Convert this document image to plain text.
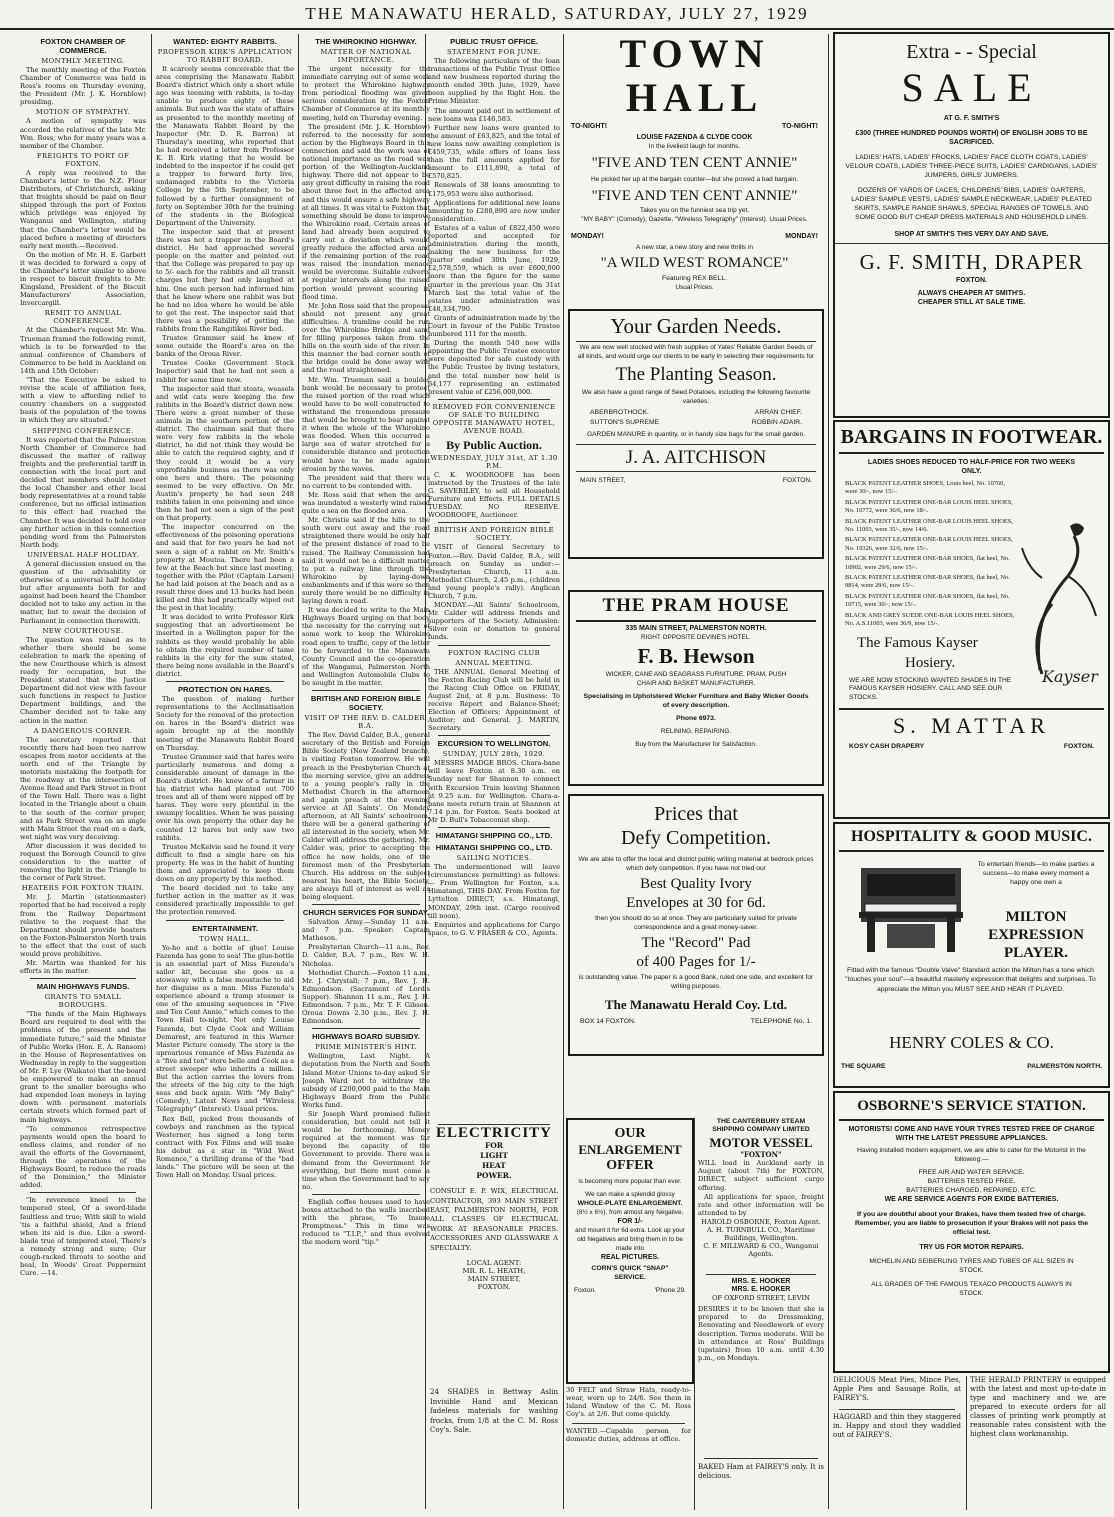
THE MANAWATU HERALD, SATURDAY, JULY 27, 1929
FOXTON CHAMBER OF COMMERCE.
MONTHLY MEETING.

The monthly meeting of the Foxton Chamber of Commerce was held in Ross's rooms on Thursday evening, the President (Mr. J. K. Hornblow) presiding.

MOTION OF SYMPATHY.

A motion of sympathy was accorded the relatives of the late Mr. Wm. Ross, who for many years was a member of the Chamber.

FREIGHTS TO PORT OF FOXTON.

A reply was received to the Chamber's letter to the N.Z. Flour Distributors, of Christchurch, asking that freights should be paid on flour shipped through the port of Foxton which privilege was enjoyed by Wanganui and Wellington, stating that the Chamber's letter would be placed before a meeting of directors early next month.—Received.

On the motion of Mr. H. E. Garbett it was decided to forward a copy of the Chamber's letter similar to above in respect to biscuit freights to Mr. Kingsland, President of the Biscuit Manufacturers' Association, Invercargill.

REMIT TO ANNUAL CONFERENCE.

At the Chamber's request Mr. Wm. Trueman framed the following remit, which is to be forwarded to the annual conference of Chambers of Commerce to be held in Auckland on 14th and 15th October:

"That the Executive be asked to revise the scale of affiliation fees, with a view to affording relief to country chambers on a suggested basis of the population of the towns in which they are situated."

SHIPPING CONFERENCE.

It was reported that the Palmerston North Chamber of Commerce had discussed the matter of railway freights and the preferential tariff in connection with the local port and decided that members should meet the local Chamber and other local body representatives at a round table conference, but no official intimation to this effect had reached the Chamber. It was decided to hold over any further action in this connection pending word from the Palmerston North body.

UNIVERSAL HALF HOLIDAY.

A general discussion ensued on the question of the advisability or otherwise of a universal half holiday but after arguments both for and against had been heard the Chamber decided not to take any action in the matter, but to await the decision of Parliament in connection therewith.

NEW COURTHOUSE.

The question was raised as to whether there should be some celebration to mark the opening of the new Courthouse which is almost ready for occupation, but the President stated that the Justice Department did not view with favour such functions in respect to Justice Department buildings, and the Chamber decided not to take any action in the matter.

A DANGEROUS CORNER.

The secretary reported that recently there had been two narrow escapes from motor accidents at the north end of the Triangle by motorists mistaking the footpath for the roadway at the intersection of Avenue Road and Park Street in front of the Town Hall. There was a light located in the Triangle about a chain to the south of the corner proper, and as Park Street was on an angle with Main Street the road on a dark, wet night was very deceiving.

After discussion it was decided to request the Borough Council to give consideration to the matter of removing the light in the Triangle to the corner of Park Street.

HEATERS FOR FOXTON TRAIN.

Mr. J. Martin (stationmaster) reported that he had received a reply from the Railway Department relative to the request that the Department should provide heaters on the Foxton-Palmerston North train to the effect that the cost of such would prove prohibitive.

Mr. Martin was thanked for his efforts in the matter.

MAIN HIGHWAYS FUNDS.
GRANTS TO SMALL BOROUGHS.

"The funds of the Main Highways Board are required to deal with the problems of the present and the immediate future," said the Minister of Public Works (Hon. E. A. Ransom) in the House of Representatives on Wednesday in reply to the suggestion of Mr. F. Lye (Waikato) that the board be empowered to make an annual grant to the smaller boroughs who had expended loan moneys in laying down with permanent materials certain streets which formed part of main highways.

"To commence retrospective payments would open the board to endless claims, and render of no avail the efforts of the Government, through the operations of the Highways Board, to reduce the roads of the Dominion," the Minister added.

"In reverence kneel to the tempered steel, Of a sword-blade faultless and true; With skill to wield 'tis a faithful shield, And a friend when its aid is due. Like a sword-blade true of tempered steel, There's a remedy strong and sure; Our cough-racked throats to soothe and heal, In Woods' Great Peppermint Cure. —14.

WANTED: EIGHTY RABBITS.
PROFESSOR KIRK'S APPLICATION TO RABBIT BOARD.

It scarcely seems conceivable that the area comprising the Manawatu Rabbit Board's district which only a short while ago was teeming with rabbits, is to-day unable to produce eighty of these animals. But such was the state of affairs as presented to the monthly meeting of the Manawatu Rabbit Board by the Inspector (Mr. D. R. Barron) at Thursday's meeting, who reported that he had received a letter from Professor K. B. Kirk stating that he would be indebted to the inspector if he could get a trapper to forward forty live, undamaged rabbits to the Victoria College by the 5th September, to be followed by a further consignment of forty on September 30th for the training of the students in the Biological Department of the University.

The inspector said that at present there was not a trapper in the Board's district. He had approached several people on the matter and pointed out that the College was prepared to pay up to 5/- each for the rabbits and all transit charges but they had only laughed at him. One such person had informed him that he knew where one rabbit was but he had no idea where he would be able to get the rest. The inspector said that there was a possibility of getting the rabbits from the Rangitikei River bed.

Trustee Grammer said he knew of some outside the Board's area on the banks of the Oroua River.

Trustee Cooke (Government Stock Inspector) said that he had not seen a rabbit for some time now.

The inspector said that stoats, weasels and wild cats were keeping the few rabbits in the Board's district down now. There were a great number of these animals in the southern portion of the district. The chairman said that there were very few rabbits in the whole district, he did not think they would be able to catch the required eighty, and if they could it would be a very unprofitable business as there was only one here and there. The poisoning seemed to be very effective. On Mr. Austin's property he had seen 248 rabbits taken in one poisoning and since then he had not seen a sign of the pest on that property.

The inspector concurred on the effectiveness of the poisoning operations and said that for two years he had not seen a sign of a rabbit on Mr. Smith's property at Moutoa. There had been a few at the Beach but since last meeting, together with the Pilot (Captain Larsen) he had laid poison at the beach and as a result three does and 13 bucks had been killed and this had practically wiped out the pest in that locality.

It was decided to write Professor Kirk suggesting that an advertisement be inserted in a Wellington paper for the rabbits as they would probably be able to obtain the required number of tame rabbits in the city for the sum stated, there being none available in the Board's district.

PROTECTION ON HARES.

The question of making further representations to the Acclimatisation Society for the removal of the protection on hares in the Board's district was again brought up at the monthly meeting of the Manawatu Rabbit Board on Thursday.

Trustee Grammer said that hares were particularly numerous and doing a considerable amount of damage in the Board's district. He knew of a farmer in his district who had planted out 700 trees and all of them were nipped off by hares. They were very plentiful in the swampy localities. When he was passing over his own property the other day he counted 12 hares but only saw two rabbits.

Trustee McKelvie said he found it very difficult to find a single hare on his property. He was in the habit of hunting them and appreciated to keep them down on any property by this method.

The board decided not to take any further action in the matter as it was considered practically impossible to get the protection removed.

ENTERTAINMENT.
TOWN HALL.

Yo-ho and a bottle of glue! Louise Fazenda has gone to sea! The glue-bottle is an essential part of Miss Fazenda's sailor kit, because she goes as a stowaway with a false moustache to aid her disguise as a man. Miss Fazenda's experience aboard a tramp steamer is one of the amusing sequences in "Five and Ten Cent Annie," which comes to the Town Hall to-night. Not only Louise Fazenda, but Clyde Cook and William Demarest, are featured in this Warner Master Picture comedy. The story is the uproarious romance of Miss Fazenda as a "five and ten" store belle and Cook as a street sweeper who inherits a million. But the action carries the lovers from the streets of the big city to the high seas and back again. With "My Baby" (Comedy), Latest News and "Wireless Telegraphy" (Interest). Usual prices.

Rex Bell, picked from thousands of cowboys and ranchmen as the typical Westerner, has signed a long term contract with Fox Films and will make his debut as a star in "Wild West Romance," a thrilling drama of the "bad lands." The picture will be seen at the Town Hall on Monday. Usual prices.

THE WHIROKINO HIGHWAY.
MATTER OF NATIONAL IMPORTANCE.

The urgent necessity for the immediate carrying out of some work to protect the Whirokino highway from periodical flooding was given serious consideration by the Foxton Chamber of Commerce at its monthly meeting, held on Thursday evening.

The president (Mr. J. K. Hornblow) referred to the necessity for some action by the Highways Board in this connection and said the work was of national importance as the road was portion of the Wellington-Auckland highway. There did not appear to be any great difficulty in raising the road about three feet in the affected area and this would ensure a safe highway at all times. It was vital to Foxton that something should be done to improve the Whirokino road. Certain areas of land had already been acquired to carry out a deviation which would greatly reduce the affected area and if the remaining portion of the road was raised the inundation menace would be overcome. Suitable culverts at regular intervals along the raised portion would prevent scouring in flood time.

Mr. John Ross said that the proposal should not present any great difficulties. A tramline could be run over the Whirokino Bridge and sand for filling purposes taken from the hills on the south side of the river. In this manner the bad corner south of the bridge could be done away with and the road straightened.

Mr. Wm. Trueman said a boulder bank would be necessary to protect the raised portion of the road which would have to be well constructed to withstand the tremendous pressure that would be brought to bear against it when the whole of the Whirokino was flooded. When this occurred a large sea of water stretched for a considerable distance and protection would have to be made against erosion by the waves.

The president said that there was no current to be contended with.

Mr. Ross said that when the area was inundated a westerly wind raised quite a sea on the flooded area.

Mr. Christie said if the hills to the south were cut away and the road straightened there would be only half of the present distance of road to be raised. The Railway Commission had said it would not be a difficult matter to put a railway line through the Whirokino by laying-down embankments and if this were so then surely there would be no difficulty in laying down a road.

It was decided to write to the Main Highways Board urging on that body the necessity for the carrying out of some work to keep the Whirokino road open to traffic, copy of the letter to be forwarded to the Manawatu County Council and the co-operation of the Wanganui, Palmerston North and Wellington Automobile Clubs to be sought in the matter.

BRITISH AND FOREIGN BIBLE SOCIETY.
VISIT OF THE REV. D. CALDER, B.A.

The Rev. David Calder, B.A., general secretary of the British and Foreign Bible Society (New Zealand branch), is visiting Foxton tomorrow. He will preach in the Presbyterian Church at the morning service, give an address to a young people's rally in the Methodist Church in the afternoon and again preach at the evening service at All Saints'. On Monday afternoon, at All Saints' schoolroom, there will be a general gathering of all interested in the society, when Mr. Calder will address the gathering. Mr. Calder was, prior to accepting the office he now holds, one of the foremost men of the Presbyterian Church. His address on the subject nearest his heart, the Bible Society, are always full of interest as well as being eloquent.

CHURCH SERVICES FOR SUNDAY.

Salvation Army.—Sunday 11 a.m. and 7 p.m. Speaker: Captain Matheson.

Presbyterian Church—11 a.m., Rev. D. Calder, B.A. 7 p.m., Rev. W. H. Nicholas.

Methodist Church.—Foxton 11 a.m., Mr. J. Chrystall; 7 p.m., Rev. J. H. Edmondson. (Sacrament of Lord's Supper). Shannon 11 a.m., Rev. J. H. Edmondson. 7 p.m., Mr. T. F. Gibson. Oroua Downs 2.30 p.m., Rev. J. H. Edmondson.

HIGHWAYS BOARD SUBSIDY.
PRIME MINISTER'S HINT.

Wellington, Last Night. A deputation from the North and South Island Motor Unions to-day asked Sir Joseph Ward not to withdraw the subsidy of £200,000 paid to the Main Highways Board from the Public Works fund.

Sir Joseph Ward promised fullest consideration, but could not tell it would be forthcoming. Money required at the moment was far beyond the capacity of the Government to provide. There was a demand from the Government for everything, but there must come a time when the Government had to say no.

English coffee houses used to have boxes attached to the walls inscribed with the phrase, "To Insure Promptness." This in time was reduced to "T.I.P.," and thus evolved the modern word "tip."

PUBLIC TRUST OFFICE.
STATEMENT FOR JUNE.

The following particulars of the loan transactions of the Public Trust Office and new business reported during the month ended 30th June, 1929, have been supplied by the Right Hon. the Prime Minister.

The amount paid out in settlement of new loans was £146,583.

Further new loans were granted to the amount of £63,825, and the total of new loans now awaiting completion is £459,735, while offers of loans less than the full amounts applied for amount to £111,890, a total of £570,825.

Renewals of 38 loans amounting to £175,953 were also authorised.

Applications for additional new loans amounting to £288,890 are now under consideration.

Estates of a value of £822,450 were reported and accepted for administration during the month, making the new business for the quarter ended 30th June, 1929, £2,578,559, which is over £600,000 more than the figure for the same quarter in the previous year. On 31st March last the total value of the estates under administration was £48,334,790.

Grants of administration made by the Court in favour of the Public Trustee numbered 111 for the month.

During the month 540 new wills appointing the Public Trustee executor were deposited for safe custody with the Public Trustee by living testators, and the total number now held is 64,177 representing an estimated present value of £256,000,000.

REMOVED FOR CONVENIENCE OF SALE TO BUILDING OPPOSITE MANAWATU HOTEL, AVENUE ROAD.
By Public Auction.
WEDNESDAY, JULY 31st, AT 1.30 P.M.

C. K. WOODROOFE has been instructed by the Trustees of the late G. SAVERILEY, to sell all Household Furniture and Effects. FULL DETAILS TUESDAY. NO RESERVE. WOODROOFE, Auctioneer.

BRITISH AND FOREIGN BIBLE SOCIETY.

VISIT of General Secretary to Foxton.—Rev. David Calder, B.A., will preach on Sunday as under:— Presbyterian Church, 11 a.m. Methodist Church, 2.45 p.m., (children and young people's rally). Anglican Church, 7 p.m.

MONDAY.—All Saints' Schoolroom, Mr. Calder will address friends and supporters of the Society. Admission: Silver coin or donation to general funds.

FOXTON RACING CLUB
ANNUAL MEETING.

THE ANNUAL General Meeting of the Foxton Racing Club will be held in the Racing Club Office on FRIDAY, August 2nd, at 8 p.m. Business: To receive Report and Balance-Sheet; Election of Officers; Appointment of Auditor; and General. J. MARTIN, Secretary.

EXCURSION TO WELLINGTON.
SUNDAY, JULY 28th, 1929.

MESSRS MADGE BROS. Chara-bane will leave Foxton at 8.30 a.m. on Sunday next for Shannon to connect with Excursion Train leaving Shannon at 9.25 a.m. for Wellington. Chara-a-bane meets return train at Shannon at 7.14 p.m. for Foxton. Seats booked at Mr D. Bull's Tobacconist shop.

HIMATANGI SHIPPING CO., LTD.
HIMATANGI SHIPPING CO., LTD.
SAILING NOTICES.

The undermentioned will leave (circumstances permitting) as follows:— From Wellington for Foxton, s.s. Himatangi, THIS DAY. From Foxton for Lyttelton DIRECT, s.s. Himatangi, MONDAY, 29th inst. (Cargo received till noon).

Enquiries and applications for Cargo space, to G. V. FRASER & CO., Agents.

ELECTRICITY
FOR
LIGHT
HEAT
POWER.

CONSULT E. P. WIX, ELECTRICAL CONTRACTOR, 393 MAIN STREET EAST, PALMERSTON NORTH, FOR ALL CLASSES OF ELECTRICAL WORK AT REASONABLE PRICES. ACCESSORIES AND GLASSWARE A SPECIALTY.

LOCAL AGENT:
MR. R. L. HEATH,
MAIN STREET,
FOXTON.

24 SHADES in Bettway Aslin Invisible Hand and Mexican fadeless materials for washing frocks, from 1/8 at the C. M. Ross Coy's. Sale.

TOWN HALL
TO-NIGHT!	TO-NIGHT!
LOUISE FAZENDA & CLYDE COOK
In the liveliest laugh for months.
"FIVE AND TEN CENT ANNIE"
He picked her up at the bargain counter—but she proved a bad bargain.
"FIVE AND TEN CENT ANNIE"
Takes you on the funniest sea trip yet.
"MY BABY" (Comedy), Gazette, "Wireless Telegraphy" (Interest). Usual Prices.
MONDAY!	MONDAY!
A new star, a new story and new thrills in
"A WILD WEST ROMANCE"
Featuring REX BELL.
Usual Prices.
Your Garden Needs.

We are now well stocked with fresh supplies of Yates' Reliable Garden Seeds of all kinds, and would urge our clients to be early in selecting their requirements for

The Planting Season.

We also have a good range of Seed Potatoes, including the following favourite varieties:

ABERBROTHOCK.	ARRAN CHIEF.
SUTTON'S SUPREME	ROBBIN ADAIR.

GARDEN MANURE in quantity, or in handy size bags for the small garden.

J. A. AITCHISON
MAIN STREET,	FOXTON.
THE PRAM HOUSE
335 MAIN STREET, PALMERSTON NORTH.
RIGHT OPPOSITE DEVINE'S HOTEL.
F. B. Hewson
WICKER, CANE AND SEAGRASS FURNITURE. PRAM, PUSH CHAIR AND BASKET MANUFACTURER.
Specialising in Upholstered Wicker Furniture and Baby Wicker Goods of every description.
Phone 6973.
RELINING, REPAIRING.
Buy from the Manufacturer for Satisfaction.
Prices that
Defy Competition.

We are able to offer the local and district public writing material at bedrock prices which defy competition. If you have not tried our

Best Quality Ivory
Envelopes at 30 for 6d.

then you should do so at once. They are particularly suited for private correspondence and a great money-saver.

The "Record" Pad
of 400 Pages for 1/-

is outstanding value. The paper is a good Bank, ruled one side, and excellent for writing purposes.

The Manawatu Herald Coy. Ltd.
BOX 14 FOXTON.	TELEPHONE No. 1.
OUR
ENLARGEMENT
OFFER
is becoming more popular than ever.
We can make a splendid glossy
WHOLE-PLATE ENLARGEMENT.
(8½ x 6½), from almost any Negative,
FOR 1/-
and mount it for 6d extra. Look up your old Negatives and bring them in to be made into
REAL PICTURES.
CORN'S QUICK "SNAP" SERVICE.
Foxton.	'Phone 29.

30 FELT and Straw Hats, ready-to-wear, worn up to 24/6. See them in Island Window of the C. M. Ross Coy's. at 2/6. But come quickly.

WANTED.—Capable person for domestic duties, address at office.

THE CANTERBURY STEAM
SHIPPING COMPANY LIMITED
MOTOR VESSEL
"FOXTON"

WILL load in Auckland early in August (about 7th) for FOXTON, DIRECT, subject sufficient cargo offering.

All applications for space, freight rate and other information will be attended to by

HAROLD OSBORNE, Foxton Agent.
A. H. TURNBULL CO., Maritime Buildings, Wellington.
C. F. MILLWARD & CO., Wanganui Agents.
MRS. E. HOOKER
MRS. E. HOOKER
OF OXFORD STREET, LEVIN

DESIRES it to be known that she is prepared to do Dressmaking, Renovating and Needlework of every description. Terms moderate. Will be in attendance at Ross' Buildings (upstairs) from 10 a.m. until 4.30 p.m., on Mondays.

BAKED Ham at FAIREY'S only. It is delicious.

Extra - - Special
SALE
AT G. F. SMITH'S

£300 (THREE HUNDRED POUNDS WORTH) OF ENGLISH JOBS TO BE SACRIFICED.

LADIES' HATS, LADIES' FROCKS, LADIES' FACE CLOTH COATS, LADIES' VELOUR COATS, LADIES' THREE-PIECE SUITS, LADIES' CARDIGANS, LADIES' JUMPERS, GIRLS' JUMPERS.

DOZENS OF YARDS OF LACES, CHILDRENS' BIBS, LADIES' GARTERS, LADIES' SAMPLE VESTS, LADIES' SAMPLE NECKWEAR, LADIES' PLEATED SKIRTS, SAMPLE RANGE SHAWLS, SPECIAL RANGES OF TOWELS, AND SOME GOOD BUT CHEAP DRESS MATERIALS AND HOUSEHOLD LINES.

SHOP AT SMITH'S THIS VERY DAY AND SAVE.
G. F. SMITH, DRAPER
FOXTON.
ALWAYS CHEAPER AT SMITH'S.
CHEAPER STILL AT SALE TIME.
BARGAINS IN FOOTWEAR.
LADIES SHOES REDUCED TO HALF-PRICE FOR TWO WEEKS ONLY.
BLACK PATENT LEATHER SHOES, Louis heel, No. 10760, were 30/-, now 15/-.
BLACK PATENT LEATHER ONE-BAR LOUIS HEEL SHOES, No. 10772, were 36/6, now 18/-.
BLACK PATENT LEATHER ONE-BAR LOUIS HEEL SHOES, No. 11003, were 35/-, now 14/6.
BLACK PATENT LEATHER ONE-BAR LOUIS HEEL SHOES, No. 10326, were 32/6, now 15/-.
BLACK PATENT LEATHER ONE-BAR SHOES, flat heel, No. 10902, were 29/6, now 15/-.
BLACK PATENT LEATHER ONE-BAR SHOES, flat heel, No. 9814, were 29/6, now 15/-.
BLACK PATENT LEATHER ONE-BAR SHOES, flat heel, No. 10715, were 30/-, now 15/-.
BLACK AND GREY SUEDE ONE-BAR LOUIS HEEL SHOES, No. A.S.11003, were 36/9, now 15/-.
Kayser
The Famous Kayser
Hosiery.

WE ARE NOW STOCKING WANTED SHADES IN THE FAMOUS KAYSER HOSIERY. CALL AND SEE OUR STOCKS.

S. MATTAR
KOSY CASH DRAPERY	FOXTON.
HOSPITALITY & GOOD MUSIC.

To entertain friends—to make parties a success—to make every moment a happy one own a

MILTON
EXPRESSION
PLAYER.

Fitted with the famous "Double Valve" Standard action the Milton has a tone which "touches your soul"—a beautiful masterly expression that delights and surprises. To appreciate the Milton you MUST SEE AND HEAR IT PLAYED.

HENRY COLES & CO.
THE SQUARE	PALMERSTON NORTH.
OSBORNE'S SERVICE STATION.

MOTORISTS! COME AND HAVE YOUR TYRES TESTED FREE OF CHARGE WITH THE LATEST PRESSURE APPLIANCES.

Having installed modern equipment, we are able to cater for the Motorist in the following:—

FREE AIR AND WATER SERVICE.
BATTERIES TESTED FREE.
BATTERIES CHARGED, REPAIRED, ETC.
WE ARE SERVICE AGENTS FOR EXIDE BATTERIES.

If you are doubtful about your Brakes, have them tested free of charge. Remember, you are liable to prosecution if your Brakes will not pass the official test.

TRY US FOR MOTOR REPAIRS.

MICHELIN AND SEIBERLING TYRES AND TUBES OF ALL SIZES IN STOCK.

ALL GRADES OF THE FAMOUS TEXACO PRODUCTS ALWAYS IN STOCK.

DELICIOUS Meat Pies, Mince Pies, Apple Pies and Sausage Rolls, at FAIREY'S.

HAGGARD and thin they staggered in. Happy and stout they waddled out of FAIREY'S.

THE HERALD PRINTERY is equipped with the latest and most up-to-date in type and machinery and we are prepared to execute orders for all classes of printing work promptly at reasonable rates consistent with the highest class workmanship.
